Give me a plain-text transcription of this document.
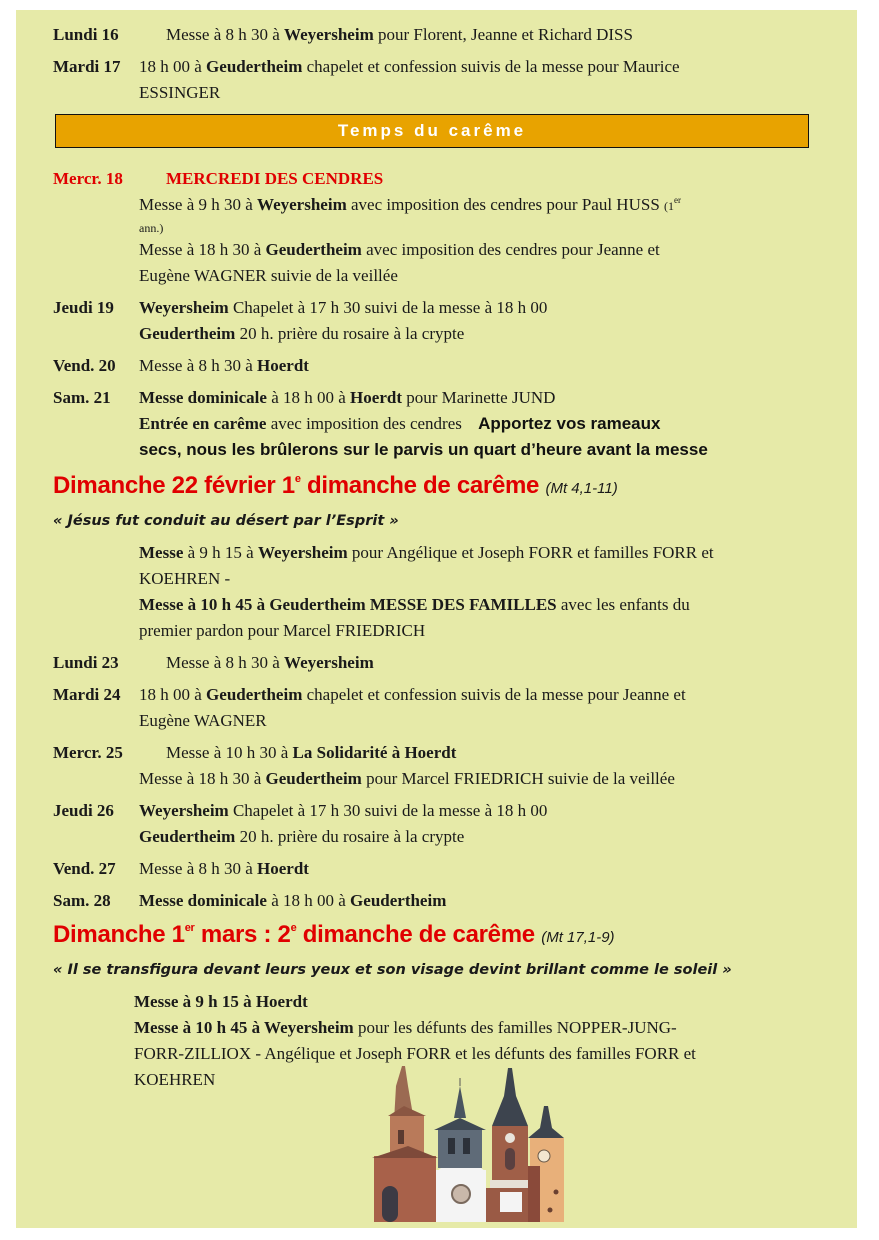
Lundi 16	Messe à 8 h 30 à Weyersheim pour Florent, Jeanne et Richard DISS
Mardi 17 18 h 00 à Geudertheim chapelet et confession suivis de la messe pour Maurice
ESSINGER
Temps du carême
Mercr. 18	MERCREDI DES CENDRES
Messe à 9 h 30 à Weyersheim avec imposition des cendres pour Paul HUSS (1er
ann.)
Messe à 18 h 30 à Geudertheim avec imposition des cendres pour Jeanne et
Eugène WAGNER suivie de la veillée
Jeudi 19 Weyersheim Chapelet à 17 h 30 suivi de la messe à 18 h 00
Geudertheim 20 h. prière du rosaire à la crypte
Vend. 20 Messe à 8 h 30 à Hoerdt
Sam. 21 Messe dominicale à 18 h 00 à Hoerdt pour Marinette JUND
Entrée en carême avec imposition des cendres Apportez vos rameaux
secs, nous les brûlerons sur le parvis un quart d’heure avant la messe
Dimanche 22 février 1e dimanche de carême (Mt 4,1-11)
« Jésus fut conduit au désert par l’Esprit »
Messe à 9 h 15 à Weyersheim pour Angélique et Joseph FORR et familles FORR et
KOEHREN -
Messe à 10 h 45 à Geudertheim MESSE DES FAMILLES avec les enfants du
premier pardon pour Marcel FRIEDRICH
Lundi 23	Messe à 8 h 30 à Weyersheim
Mardi 24 18 h 00 à Geudertheim chapelet et confession suivis de la messe pour Jeanne et
Eugène WAGNER
Mercr. 25	Messe à 10 h 30 à La Solidarité à Hoerdt
Messe à 18 h 30 à Geudertheim pour Marcel FRIEDRICH suivie de la veillée
Jeudi 26 Weyersheim Chapelet à 17 h 30 suivi de la messe à 18 h 00
Geudertheim 20 h. prière du rosaire à la crypte
Vend. 27 Messe à 8 h 30 à Hoerdt
Sam. 28 Messe dominicale à 18 h 00 à Geudertheim
Dimanche 1er mars : 2e dimanche de carême (Mt 17,1-9)
« Il se transfigura devant leurs yeux et son visage devint brillant comme le soleil »
Messe à 9 h 15 à Hoerdt
Messe à 10 h 45 à Weyersheim pour les défunts des familles NOPPER-JUNG-
FORR-ZILLIOX - Angélique et Joseph FORR et les défunts des familles FORR et
KOEHREN
